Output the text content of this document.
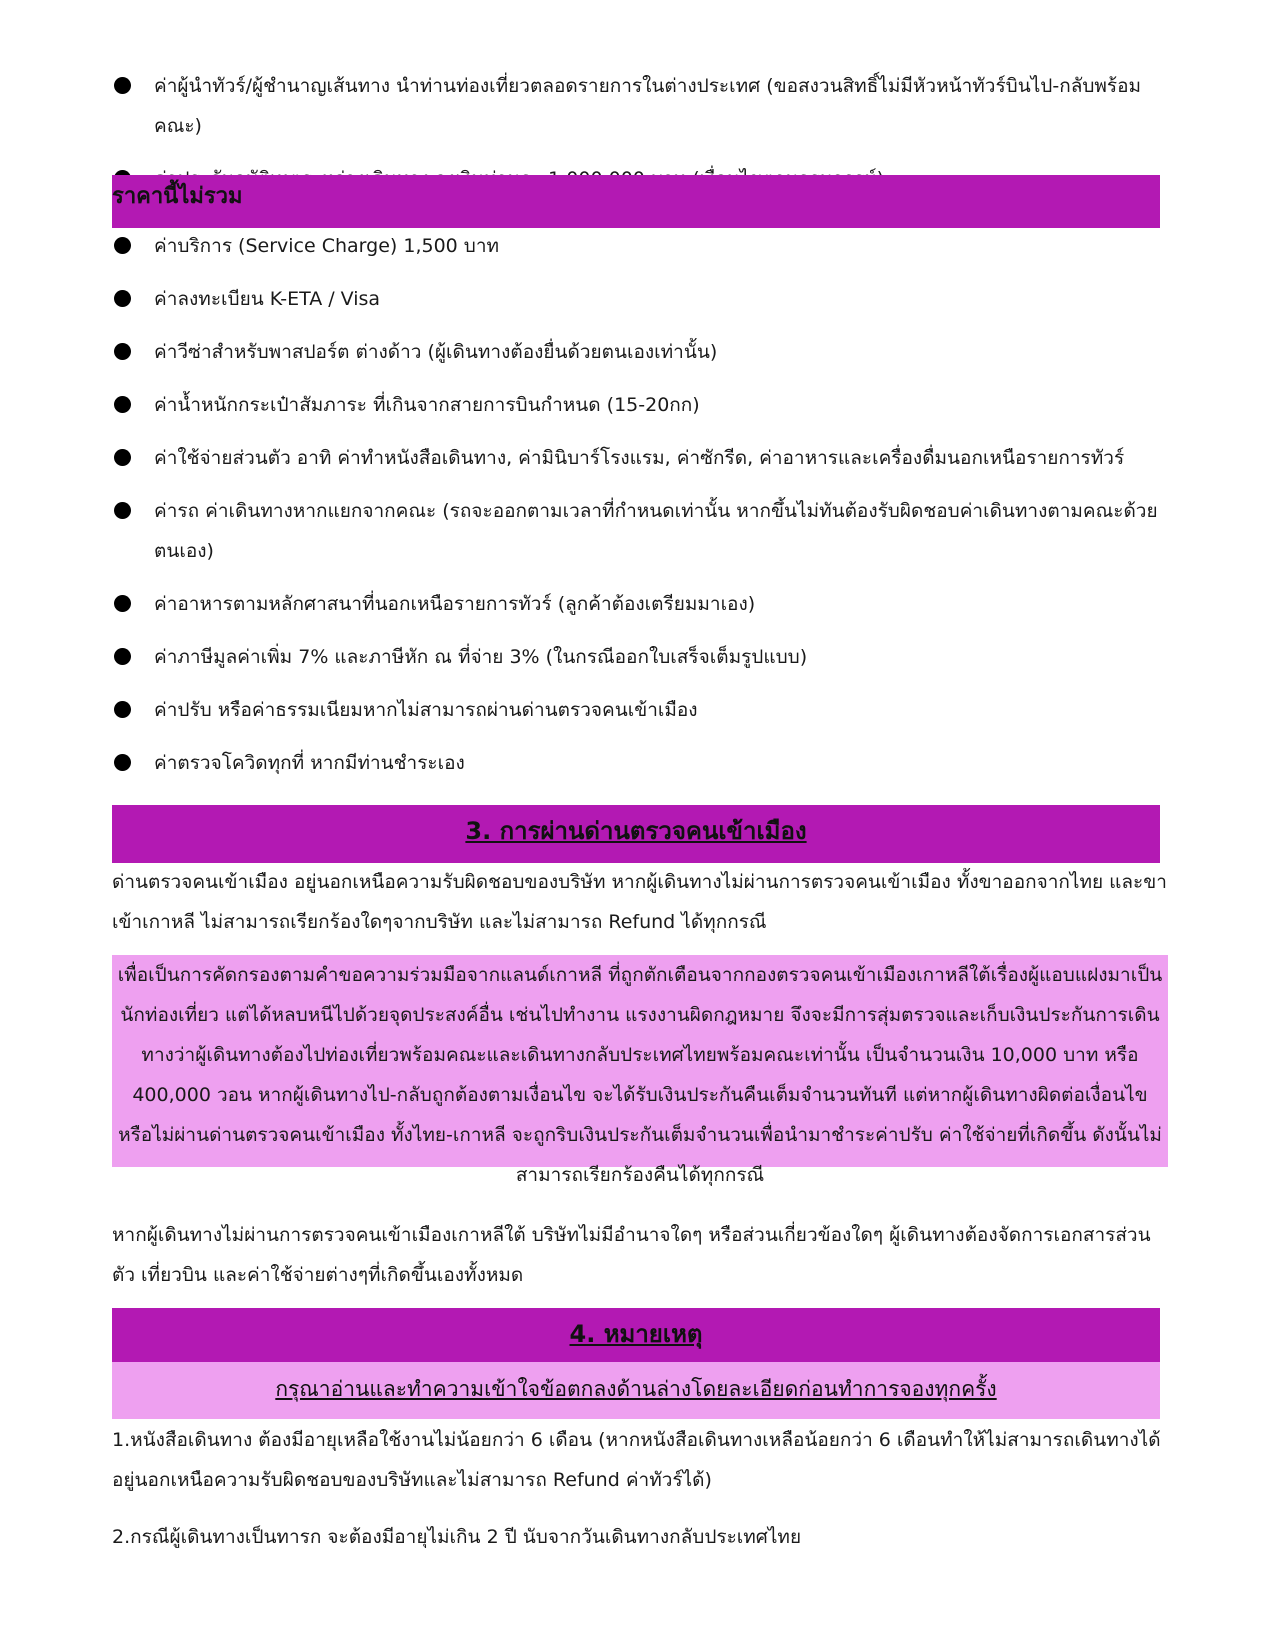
ค่าผู้นำทัวร์/ผู้ชำนาญเส้นทาง นำท่านท่องเที่ยวตลอดรายการในต่างประเทศ (ขอสงวนสิทธิ์ไม่มีหัวหน้าทัวร์บินไป-กลับพร้อมคณะ)
ราคานี้ไม่รวม
ค่าบริการ (Service Charge) 1,500 บาท
ค่าลงทะเบียน K-ETA / Visa
ค่าวีซ่าสำหรับพาสปอร์ต ต่างด้าว (ผู้เดินทางต้องยื่นด้วยตนเองเท่านั้น)
ค่าน้ำหนักกระเป๋าสัมภาระ ที่เกินจากสายการบินกำหนด (15-20กก)
ค่าใช้จ่ายส่วนตัว อาทิ ค่าทำหนังสือเดินทาง, ค่ามินิบาร์โรงแรม, ค่าซักรีด, ค่าอาหารและเครื่องดื่มนอกเหนือรายการทัวร์
ค่ารถ ค่าเดินทางหากแยกจากคณะ (รถจะออกตามเวลาที่กำหนดเท่านั้น หากขึ้นไม่ทันต้องรับผิดชอบค่าเดินทางตามคณะด้วยตนเอง)
ค่าอาหารตามหลักศาสนาที่นอกเหนือรายการทัวร์ (ลูกค้าต้องเตรียมมาเอง)
ค่าภาษีมูลค่าเพิ่ม 7% และภาษีหัก ณ ที่จ่าย 3% (ในกรณีออกใบเสร็จเต็มรูปแบบ)
ค่าปรับ หรือค่าธรรมเนียมหากไม่สามารถผ่านด่านตรวจคนเข้าเมือง
ค่าตรวจโควิดทุกที่ หากมีท่านชำระเอง
3. การผ่านด่านตรวจคนเข้าเมือง

ด่านตรวจคนเข้าเมือง อยู่นอกเหนือความรับผิดชอบของบริษัท หากผู้เดินทางไม่ผ่านการตรวจคนเข้าเมือง ทั้งขาออกจากไทย และขาเข้าเกาหลี ไม่สามารถเรียกร้องใดๆจากบริษัท และไม่สามารถ Refund ได้ทุกกรณี

เพื่อเป็นการคัดกรองตามคำขอความร่วมมือจากแลนด์เกาหลี ที่ถูกตักเตือนจากกองตรวจคนเข้าเมืองเกาหลีใต้เรื่องผู้แอบแฝงมาเป็นนักท่องเที่ยว แต่ได้หลบหนีไปด้วยจุดประสงค์อื่น เช่นไปทำงาน แรงงานผิดกฎหมาย จึงจะมีการสุ่มตรวจและเก็บเงินประกันการเดินทางว่าผู้เดินทางต้องไปท่องเที่ยวพร้อมคณะและเดินทางกลับประเทศไทยพร้อมคณะเท่านั้น เป็นจำนวนเงิน 10,000 บาท หรือ 400,000 วอน หากผู้เดินทางไป-กลับถูกต้องตามเงื่อนไข จะได้รับเงินประกันคืนเต็มจำนวนทันที แต่หากผู้เดินทางผิดต่อเงื่อนไข หรือไม่ผ่านด่านตรวจคนเข้าเมือง ทั้งไทย-เกาหลี จะถูกริบเงินประกันเต็มจำนวนเพื่อนำมาชำระค่าปรับ ค่าใช้จ่ายที่เกิดขึ้น ดังนั้นไม่สามารถเรียกร้องคืนได้ทุกกรณี

หากผู้เดินทางไม่ผ่านการตรวจคนเข้าเมืองเกาหลีใต้ บริษัทไม่มีอำนาจใดๆ หรือส่วนเกี่ยวข้องใดๆ ผู้เดินทางต้องจัดการเอกสารส่วนตัว เที่ยวบิน และค่าใช้จ่ายต่างๆที่เกิดขึ้นเองทั้งหมด

4. หมายเหตุ
กรุณาอ่านและทำความเข้าใจข้อตกลงด้านล่างโดยละเอียดก่อนทำการจองทุกครั้ง

1.หนังสือเดินทาง ต้องมีอายุเหลือใช้งานไม่น้อยกว่า 6 เดือน (หากหนังสือเดินทางเหลือน้อยกว่า 6 เดือนทำให้ไม่สามารถเดินทางได้ อยู่นอกเหนือความรับผิดชอบของบริษัทและไม่สามารถ Refund ค่าทัวร์ได้)

2.กรณีผู้เดินทางเป็นทารก จะต้องมีอายุไม่เกิน 2 ปี นับจากวันเดินทางกลับประเทศไทย
